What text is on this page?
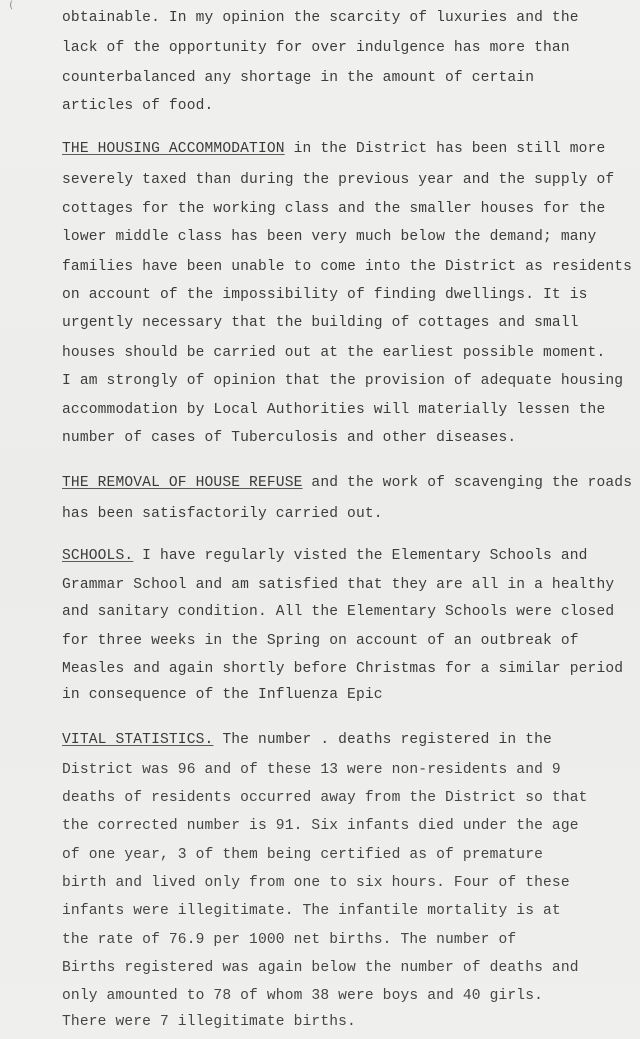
(
obtainable. In my opinion the scarcity of luxuries and the
lack of the opportunity for over indulgence has more than
counterbalanced any shortage in the amount of certain
articles of food.
THE HOUSING ACCOMMODATION in the District has been still more
severely taxed than during the previous year and the supply of
cottages for the working class and the smaller houses for the
lower middle class has been very much below the demand; many
families have been unable to come into the District as residents
on account of the impossibility of finding dwellings. It is
urgently necessary that the building of cottages and small
houses should be carried out at the earliest possible moment.
I am strongly of opinion that the provision of adequate housing
accommodation by Local Authorities will materially lessen the
number of cases of Tuberculosis and other diseases.
THE REMOVAL OF HOUSE REFUSE and the work of scavenging the roads
has been satisfactorily carried out.
SCHOOLS. I have regularly visted the Elementary Schools and
Grammar School and am satisfied that they are all in a healthy
and sanitary condition. All the Elementary Schools were closed
for three weeks in the Spring on account of an outbreak of
Measles and again shortly before Christmas for a similar period
in consequence of the Influenza Epic
VITAL STATISTICS. The number . deaths registered in the
District was 96 and of these 13 were non-residents and 9
deaths of residents occurred away from the District so that
the corrected number is 91. Six infants died under the age
of one year, 3 of them being certified as of premature
birth and lived only from one to six hours. Four of these
infants were illegitimate. The infantile mortality is at
the rate of 76.9 per 1000 net births. The number of
Births registered was again below the number of deaths and
only amounted to 78 of whom 38 were boys and 40 girls.
There were 7 illegitimate births.
